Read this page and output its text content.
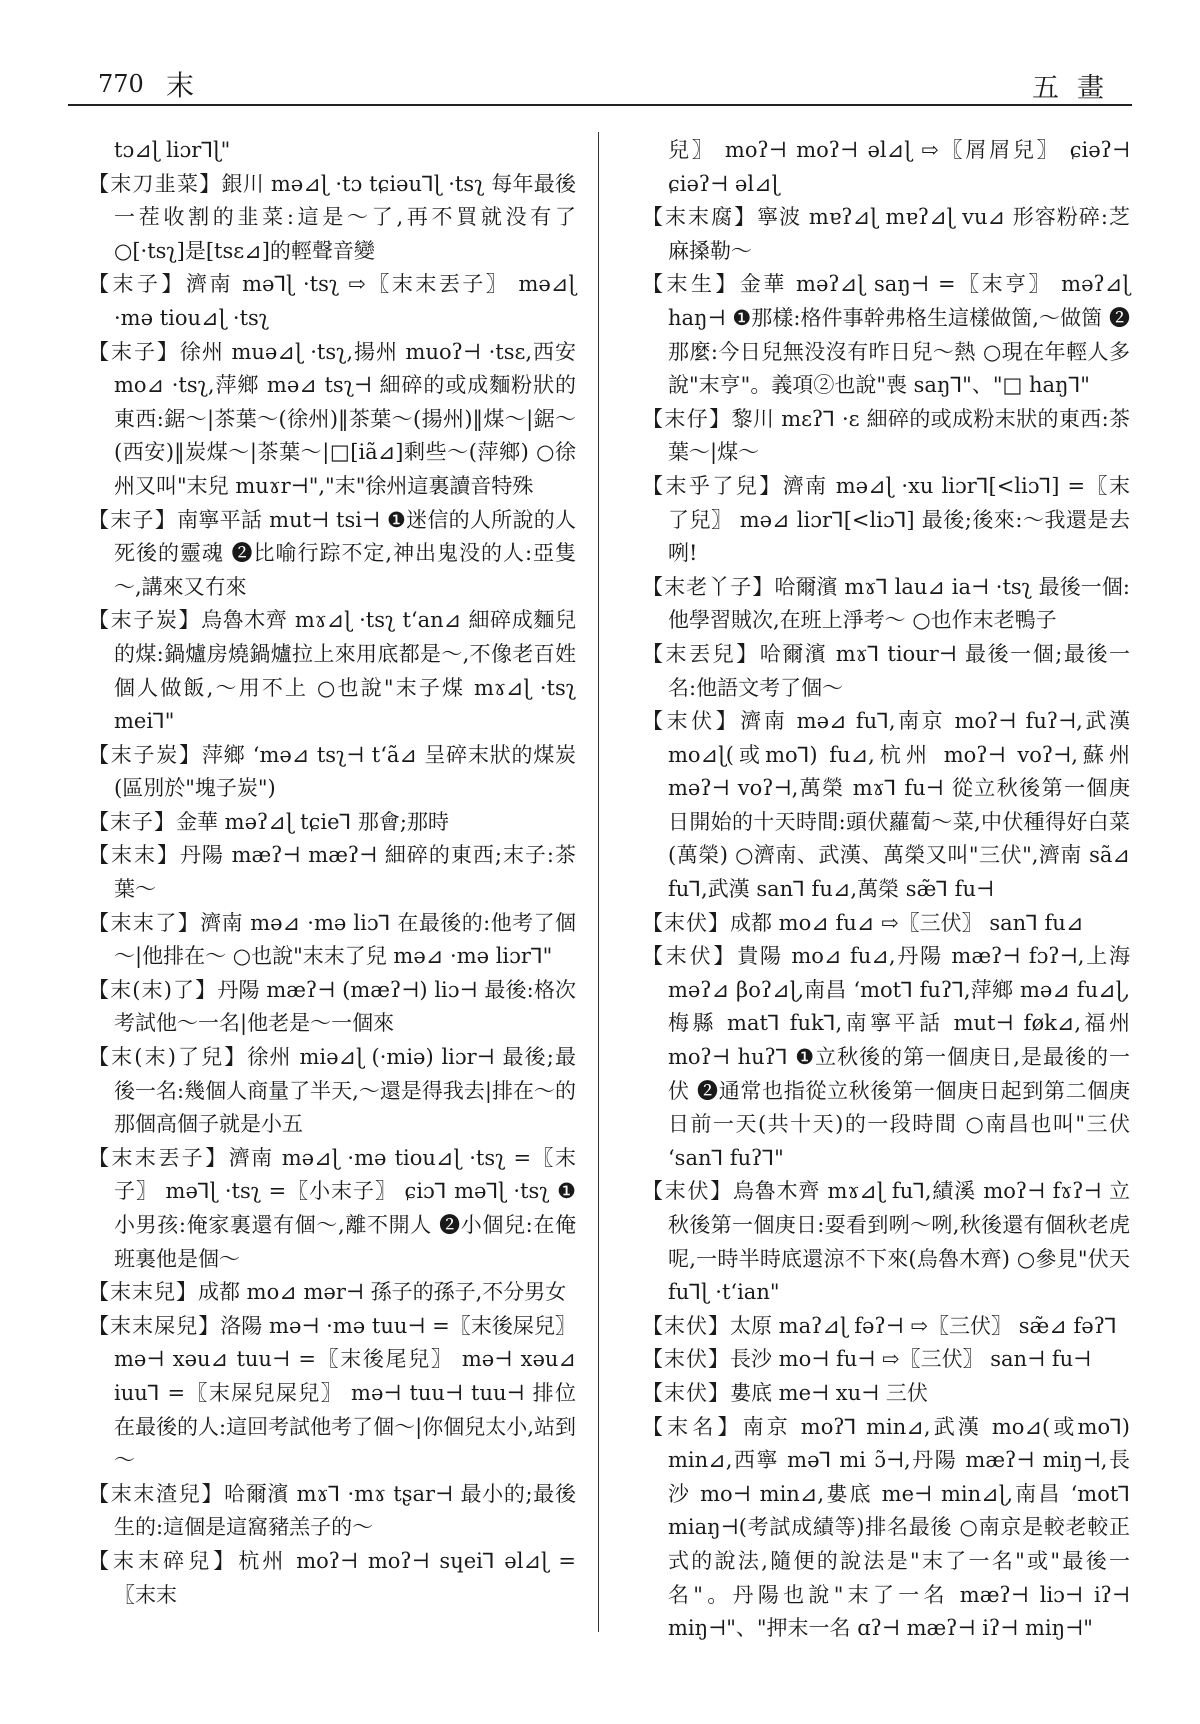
770 末	五畫

tɔ⊿ɭ liɔr⅂ɭ"

【末刀韭菜】銀川 mə⊿ɭ ·tɔ tɕiəu⅂ɭ ·tsʅ 每年最後一茬收割的韭菜:這是～了,再不買就没有了 ○[·tsʅ]是[tsɛ⊿]的輕聲音變

【末子】濟南 mə⅂ɭ ·tsʅ ⇨〖末末丟子〗 mə⊿ɭ ·mə tiou⊿ɭ ·tsʅ

【末子】徐州 muə⊿ɭ ·tsʅ,揚州 muoʔ⊣ ·tsɛ,西安 mo⊿ ·tsʅ,萍鄉 mə⊿ tsʅ⊣ 細碎的或成麵粉狀的東西:鋸～|茶葉～(徐州)‖茶葉～(揚州)‖煤～|鋸～(西安)‖炭煤～|茶葉～|□[iã⊿]剩些～(萍鄉) ○徐州又叫"末兒 muɤr⊣","末"徐州這裏讀音特殊

【末子】南寧平話 mut⊣ tsi⊣ ❶迷信的人所說的人死後的靈魂 ❷比喻行踪不定,神出鬼没的人:亞隻～,講來又冇來

【末子炭】烏魯木齊 mɤ⊿ɭ ·tsʅ tʻan⊿ 細碎成麵兒的煤:鍋爐房燒鍋爐拉上來用底都是～,不像老百姓個人做飯,～用不上 ○也說"末子煤 mɤ⊿ɭ ·tsʅ mei⅂"

【末子炭】萍鄉 ʻmə⊿ tsʅ⊣ tʻã⊿ 呈碎末狀的煤炭(區別於"塊子炭")

【末子】金華 məʔ⊿ɭ tɕie⅂ 那會;那時

【末末】丹陽 mæʔ⊣ mæʔ⊣ 細碎的東西;末子:茶葉～

【末末了】濟南 mə⊿ ·mə liɔ⅂ 在最後的:他考了個～|他排在～ ○也說"末末了兒 mə⊿ ·mə liɔr⅂"

【末(末)了】丹陽 mæʔ⊣ (mæʔ⊣) liɔ⊣ 最後:格次考試他～一名|他老是～一個來

【末(末)了兒】徐州 miə⊿ɭ (·miə) liɔr⊣ 最後;最後一名:幾個人商量了半天,～還是得我去|排在～的那個高個子就是小五

【末末丟子】濟南 mə⊿ɭ ·mə tiou⊿ɭ ·tsʅ =〖末子〗 mə⅂ɭ ·tsʅ =〖小末子〗 ɕiɔ⅂ mə⅂ɭ ·tsʅ ❶小男孩:俺家裏還有個～,離不開人 ❷小個兒:在俺班裏他是個～

【末末兒】成都 mo⊿ mər⊣ 孫子的孫子,不分男女

【末末屎兒】洛陽 mə⊣ ·mə tuu⊣ =〖末後屎兒〗 mə⊣ xəu⊿ tuu⊣ =〖末後尾兒〗 mə⊣ xəu⊿ iuu⅂ =〖末屎兒屎兒〗 mə⊣ tuu⊣ tuu⊣ 排位在最後的人:這回考試他考了個～|你個兒太小,站到～

【末末渣兒】哈爾濱 mɤ⅂ ·mɤ tʂar⊣ 最小的;最後生的:這個是這窩豬羔子的～

【末末碎兒】杭州 moʔ⊣ moʔ⊣ sɥei⅂ əl⊿ɭ =〖末末

兒〗 moʔ⊣ moʔ⊣ əl⊿ɭ ⇨〖屑屑兒〗 ɕiəʔ⊣ ɕiəʔ⊣ əl⊿ɭ

【末末腐】寧波 mɐʔ⊿ɭ mɐʔ⊿ɭ vu⊿ 形容粉碎:芝麻搡勒～

【末生】金華 məʔ⊿ɭ saŋ⊣ =〖末亨〗 məʔ⊿ɭ haŋ⊣ ❶那樣:格件事幹弗格生這樣做箇,～做箇 ❷那麼:今日兒無没沒有昨日兒～熱 ○現在年輕人多說"末亨"。義項②也說"喪 saŋ⅂"、"□ haŋ⅂"

【末仔】黎川 mɛʔ⅂ ·ɛ 細碎的或成粉末狀的東西:茶葉～|煤～

【末乎了兒】濟南 mə⊿ɭ ·xu liɔr⅂[<liɔ⅂] =〖末了兒〗 mə⊿ liɔr⅂[<liɔ⅂] 最後;後來:～我還是去咧!

【末老丫子】哈爾濱 mɤ⅂ lau⊿ ia⊣ ·tsʅ 最後一個:他學習賊次,在班上淨考～ ○也作末老鴨子

【末丟兒】哈爾濱 mɤ⅂ tiour⊣ 最後一個;最後一名:他語文考了個～

【末伏】濟南 mə⊿ fu⅂,南京 moʔ⊣ fuʔ⊣,武漢 mo⊿ɭ(或mo⅂) fu⊿,杭州 moʔ⊣ voʔ⊣,蘇州 məʔ⊣ voʔ⊣,萬榮 mɤ⅂ fu⊣ 從立秋後第一個庚日開始的十天時間:頭伏蘿蔔～菜,中伏種得好白菜(萬榮) ○濟南、武漢、萬榮又叫"三伏",濟南 sã⊿ fu⅂,武漢 san⅂ fu⊿,萬榮 sæ̃⅂ fu⊣

【末伏】成都 mo⊿ fu⊿ ⇨〖三伏〗 san⅂ fu⊿

【末伏】貴陽 mo⊿ fu⊿,丹陽 mæʔ⊣ fɔʔ⊣,上海 məʔ⊿ βoʔ⊿ɭ,南昌 ʻmot⅂ fuʔ⅂,萍鄉 mə⊿ fu⊿ɭ,梅縣 mat⅂ fuk⅂,南寧平話 mut⊣ føk⊿,福州 moʔ⊣ huʔ⅂ ❶立秋後的第一個庚日,是最後的一伏 ❷通常也指從立秋後第一個庚日起到第二個庚日前一天(共十天)的一段時間 ○南昌也叫"三伏 ʻsan⅂ fuʔ⅂"

【末伏】烏魯木齊 mɤ⊿ɭ fu⅂,績溪 moʔ⊣ fɤʔ⊣ 立秋後第一個庚日:耍看到咧～咧,秋後還有個秋老虎呢,一時半時底還涼不下來(烏魯木齊) ○參見"伏天 fu⅂ɭ ·tʻian"

【末伏】太原 maʔ⊿ɭ fəʔ⊣ ⇨〖三伏〗 sæ̃⊿ fəʔ⅂

【末伏】長沙 mo⊣ fu⊣ ⇨〖三伏〗 san⊣ fu⊣

【末伏】婁底 me⊣ xu⊣ 三伏

【末名】南京 moʔ⅂ min⊿,武漢 mo⊿(或mo⅂) min⊿,西寧 mə⅂ mi ɔ̃⊣,丹陽 mæʔ⊣ miŋ⊣,長沙 mo⊣ min⊿,婁底 me⊣ min⊿ɭ,南昌 ʻmot⅂ miaŋ⊣(考試成績等)排名最後 ○南京是較老較正式的說法,隨便的說法是"末了一名"或"最後一名"。丹陽也說"末了一名 mæʔ⊣ liɔ⊣ iʔ⊣ miŋ⊣"、"押末一名 ɑʔ⊣ mæʔ⊣ iʔ⊣ miŋ⊣"
